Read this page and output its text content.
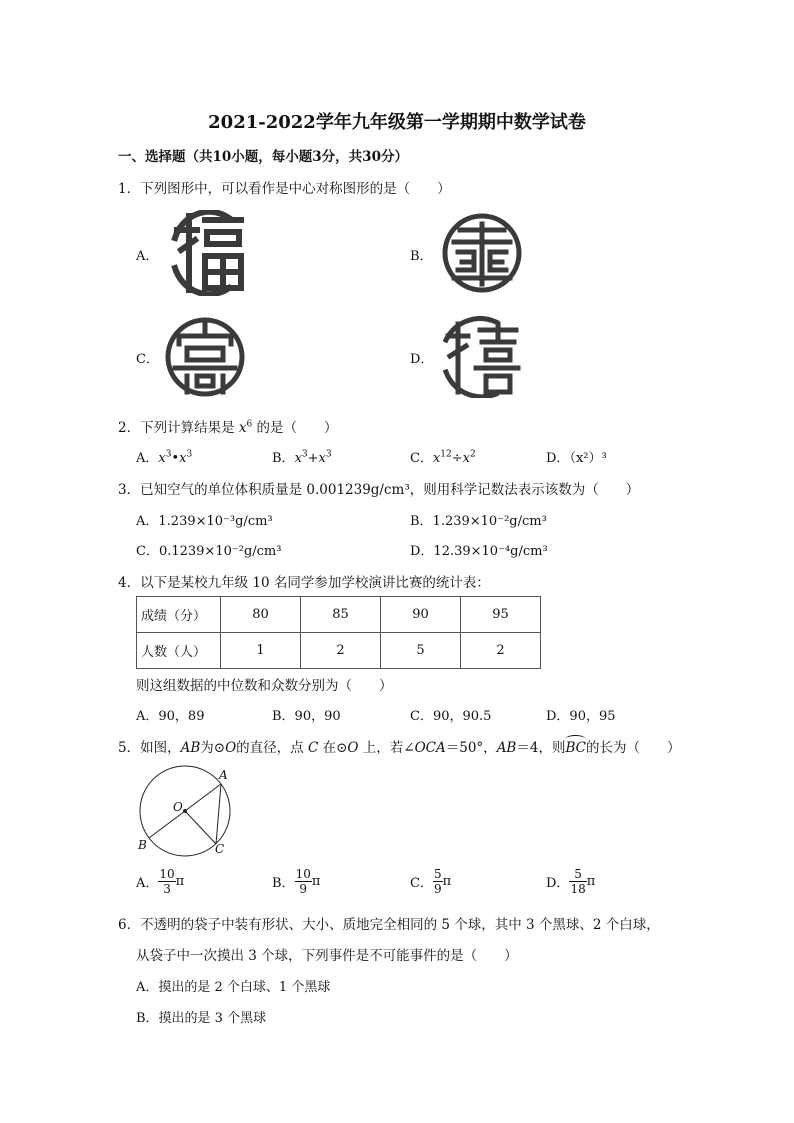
2021-2022学年九年级第一学期期中数学试卷
一、选择题（共10小题，每小题3分，共30分）
1．下列图形中，可以看作是中心对称图形的是（　　）
A．	B．
C．	D．
2．下列计算结果是 $x^6$ 的是（　　）
A．$x^3•x^3$	B．$x^3+x^3$	C．$x^{12}\div x^2$	D．（x²）³
3．已知空气的单位体积质量是 0.001239g/cm³，则用科学记数法表示该数为（　　）
A．1.239×10⁻³g/cm³	B．1.239×10⁻²g/cm³
C．0.1239×10⁻²g/cm³	D．12.39×10⁻⁴g/cm³
4．以下是某校九年级 10 名同学参加学校演讲比赛的统计表：
成绩（分）	80	85	90	95
人数（人）	1	2	5	2
则这组数据的中位数和众数分别为（　　）
A．90，89	B．90，90	C．90，90.5	D．90，95
5．如图，AB为⊙O的直径，点 C 在⊙O 上，若∠OCA＝50°，AB＝4，则
BC的长为（　　）
A
O
B	C
A． $\frac{10}{3}$ π	B． $\frac{10}{9}$ π	C． $\frac{5}{9}$ π	D． $\frac{5}{18}$ π
6．不透明的袋子中装有形状、大小、质地完全相同的 5 个球，其中 3 个黑球、2 个白球，
从袋子中一次摸出 3 个球，下列事件是不可能事件的是（　　）
A．摸出的是 2 个白球、1 个黑球
B．摸出的是 3 个黑球
